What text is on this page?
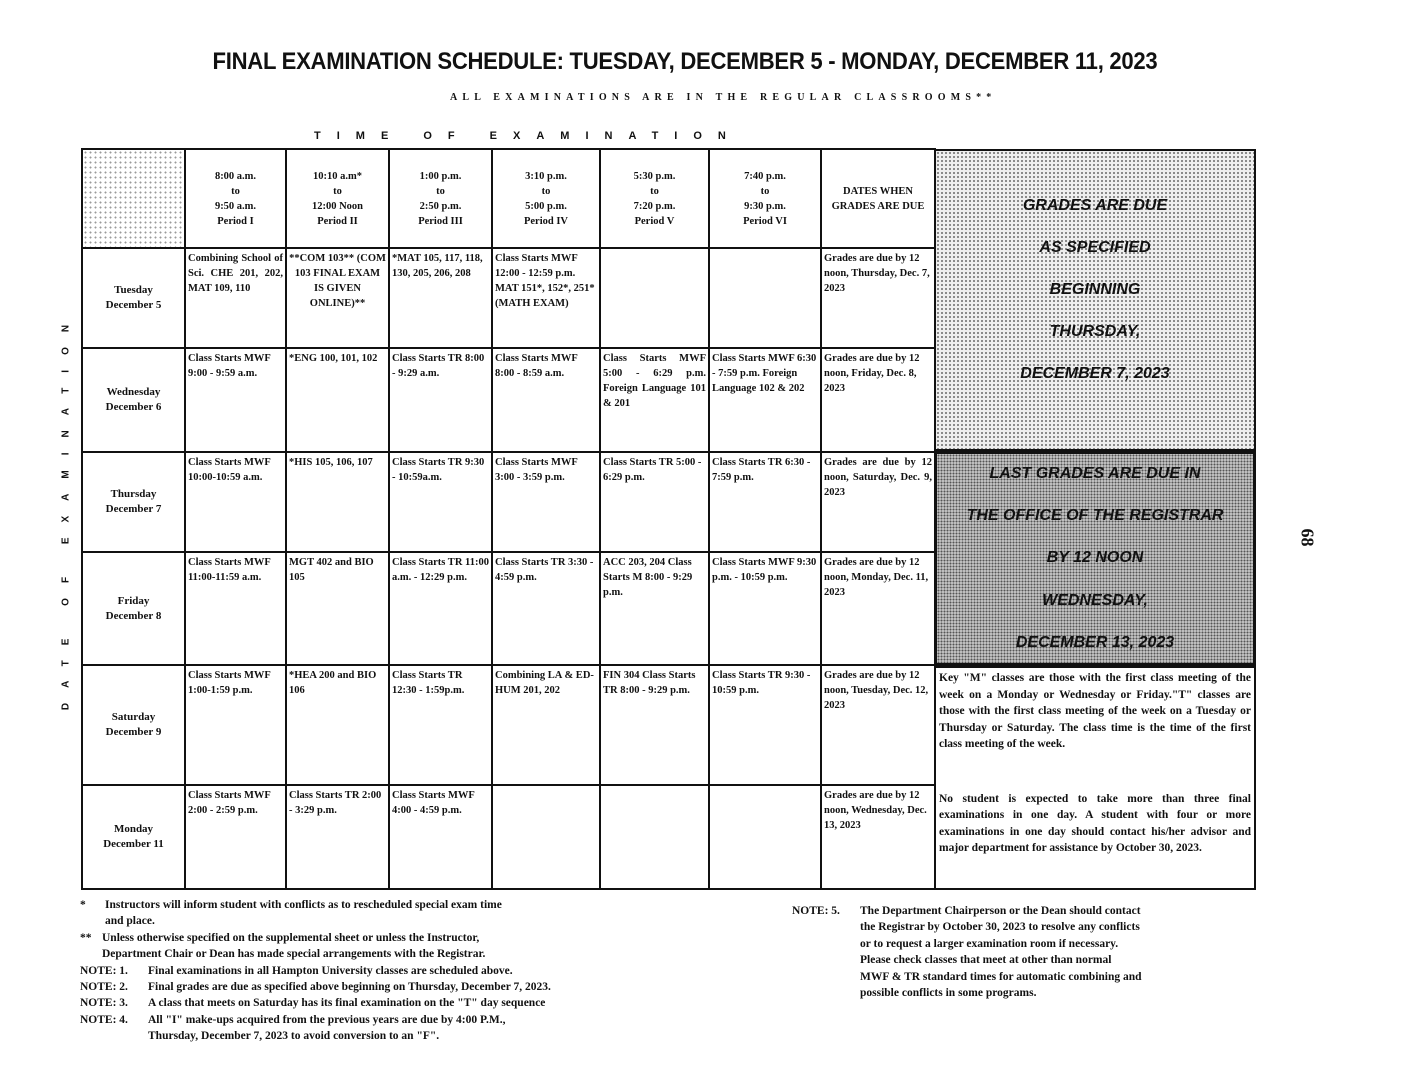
FINAL EXAMINATION SCHEDULE: TUESDAY, DECEMBER 5 - MONDAY, DECEMBER 11, 2023
ALL EXAMINATIONS ARE IN THE REGULAR CLASSROOMS**
TIME OF EXAMINATION
DATE OF EXAMINATION	68

	8:00 a.m.
to
9:50 a.m.
Period I	10:10 a.m*
to
12:00 Noon
Period II	1:00 p.m.
to
2:50 p.m.
Period III	3:10 p.m.
to
5:00 p.m.
Period IV	5:30 p.m.
to
7:20 p.m.
Period V	7:40 p.m.
to
9:30 p.m.
Period VI	DATES WHEN
GRADES ARE DUE

Tuesday
December 5	Combining School of Sci. CHE 201, 202, MAT 109, 110	**COM 103** (COM 103 FINAL EXAM IS GIVEN ONLINE)**	*MAT 105, 117, 118, 130, 205, 206, 208	Class Starts MWF 12:00 - 12:59 p.m. MAT 151*, 152*, 251* (MATH EXAM)			Grades are due by 12 noon, Thursday, Dec. 7, 2023

Wednesday
December 6	Class Starts MWF 9:00 - 9:59 a.m.	*ENG 100, 101, 102	Class Starts TR 8:00 - 9:29 a.m.	Class Starts MWF 8:00 - 8:59 a.m.	Class Starts MWF 5:00 - 6:29 p.m. Foreign Language 101 & 201	Class Starts MWF 6:30 - 7:59 p.m. Foreign Language 102 & 202	Grades are due by 12 noon, Friday, Dec. 8, 2023

Thursday
December 7	Class Starts MWF 10:00-10:59 a.m.	*HIS 105, 106, 107	Class Starts TR 9:30 - 10:59a.m.	Class Starts MWF 3:00 - 3:59 p.m.	Class Starts TR 5:00 - 6:29 p.m.	Class Starts TR 6:30 - 7:59 p.m.	Grades are due by 12 noon, Saturday, Dec. 9, 2023

Friday
December 8	Class Starts MWF 11:00-11:59 a.m.	MGT 402 and BIO 105	Class Starts TR 11:00 a.m. - 12:29 p.m.	Class Starts TR 3:30 - 4:59 p.m.	ACC 203, 204 Class Starts M 8:00 - 9:29 p.m.	Class Starts MWF 9:30 p.m. - 10:59 p.m.	Grades are due by 12 noon, Monday, Dec. 11, 2023

Saturday
December 9	Class Starts MWF 1:00-1:59 p.m.	*HEA 200 and BIO 106	Class Starts TR 12:30 - 1:59p.m.	Combining LA & ED-HUM 201, 202	FIN 304 Class Starts TR 8:00 - 9:29 p.m.	Class Starts TR 9:30 - 10:59 p.m.	Grades are due by 12 noon, Tuesday, Dec. 12, 2023

Monday
December 11	Class Starts MWF 2:00 - 2:59 p.m.	Class Starts TR 2:00 - 3:29 p.m.	Class Starts MWF 4:00 - 4:59 p.m.				Grades are due by 12 noon, Wednesday, Dec. 13, 2023
GRADES ARE DUE
AS SPECIFIED
BEGINNING
THURSDAY,
DECEMBER 7, 2023
LAST GRADES ARE DUE IN
THE OFFICE OF THE REGISTRAR
BY 12 NOON
WEDNESDAY,
DECEMBER 13, 2023

Key "M" classes are those with the first class meeting of the week on a Monday or Wednesday or Friday."T" classes are those with the first class meeting of the week on a Tuesday or Thursday or Saturday. The class time is the time of the first class meeting of the week.

No student is expected to take more than three final examinations in one day. A student with four or more examinations in one day should contact his/her advisor and major department for assistance by October 30, 2023.

*	Instructors will inform student with conflicts as to rescheduled special exam time
and place.
** Unless otherwise specified on the supplemental sheet or unless the Instructor,
Department Chair or Dean has made special arrangements with the Registrar.
NOTE: 1.	Final examinations in all Hampton University classes are scheduled above.
NOTE: 2.	Final grades are due as specified above beginning on Thursday, December 7, 2023.
NOTE: 3.	A class that meets on Saturday has its final examination on the "T" day sequence
NOTE: 4.	All "I" make-ups acquired from the previous years are due by 4:00 P.M.,
Thursday, December 7, 2023 to avoid conversion to an "F".
NOTE: 5.	The Department Chairperson or the Dean should contact
the Registrar by October 30, 2023 to resolve any conflicts
or to request a larger examination room if necessary.
Please check classes that meet at other than normal
MWF & TR standard times for automatic combining and
possible conflicts in some programs.
